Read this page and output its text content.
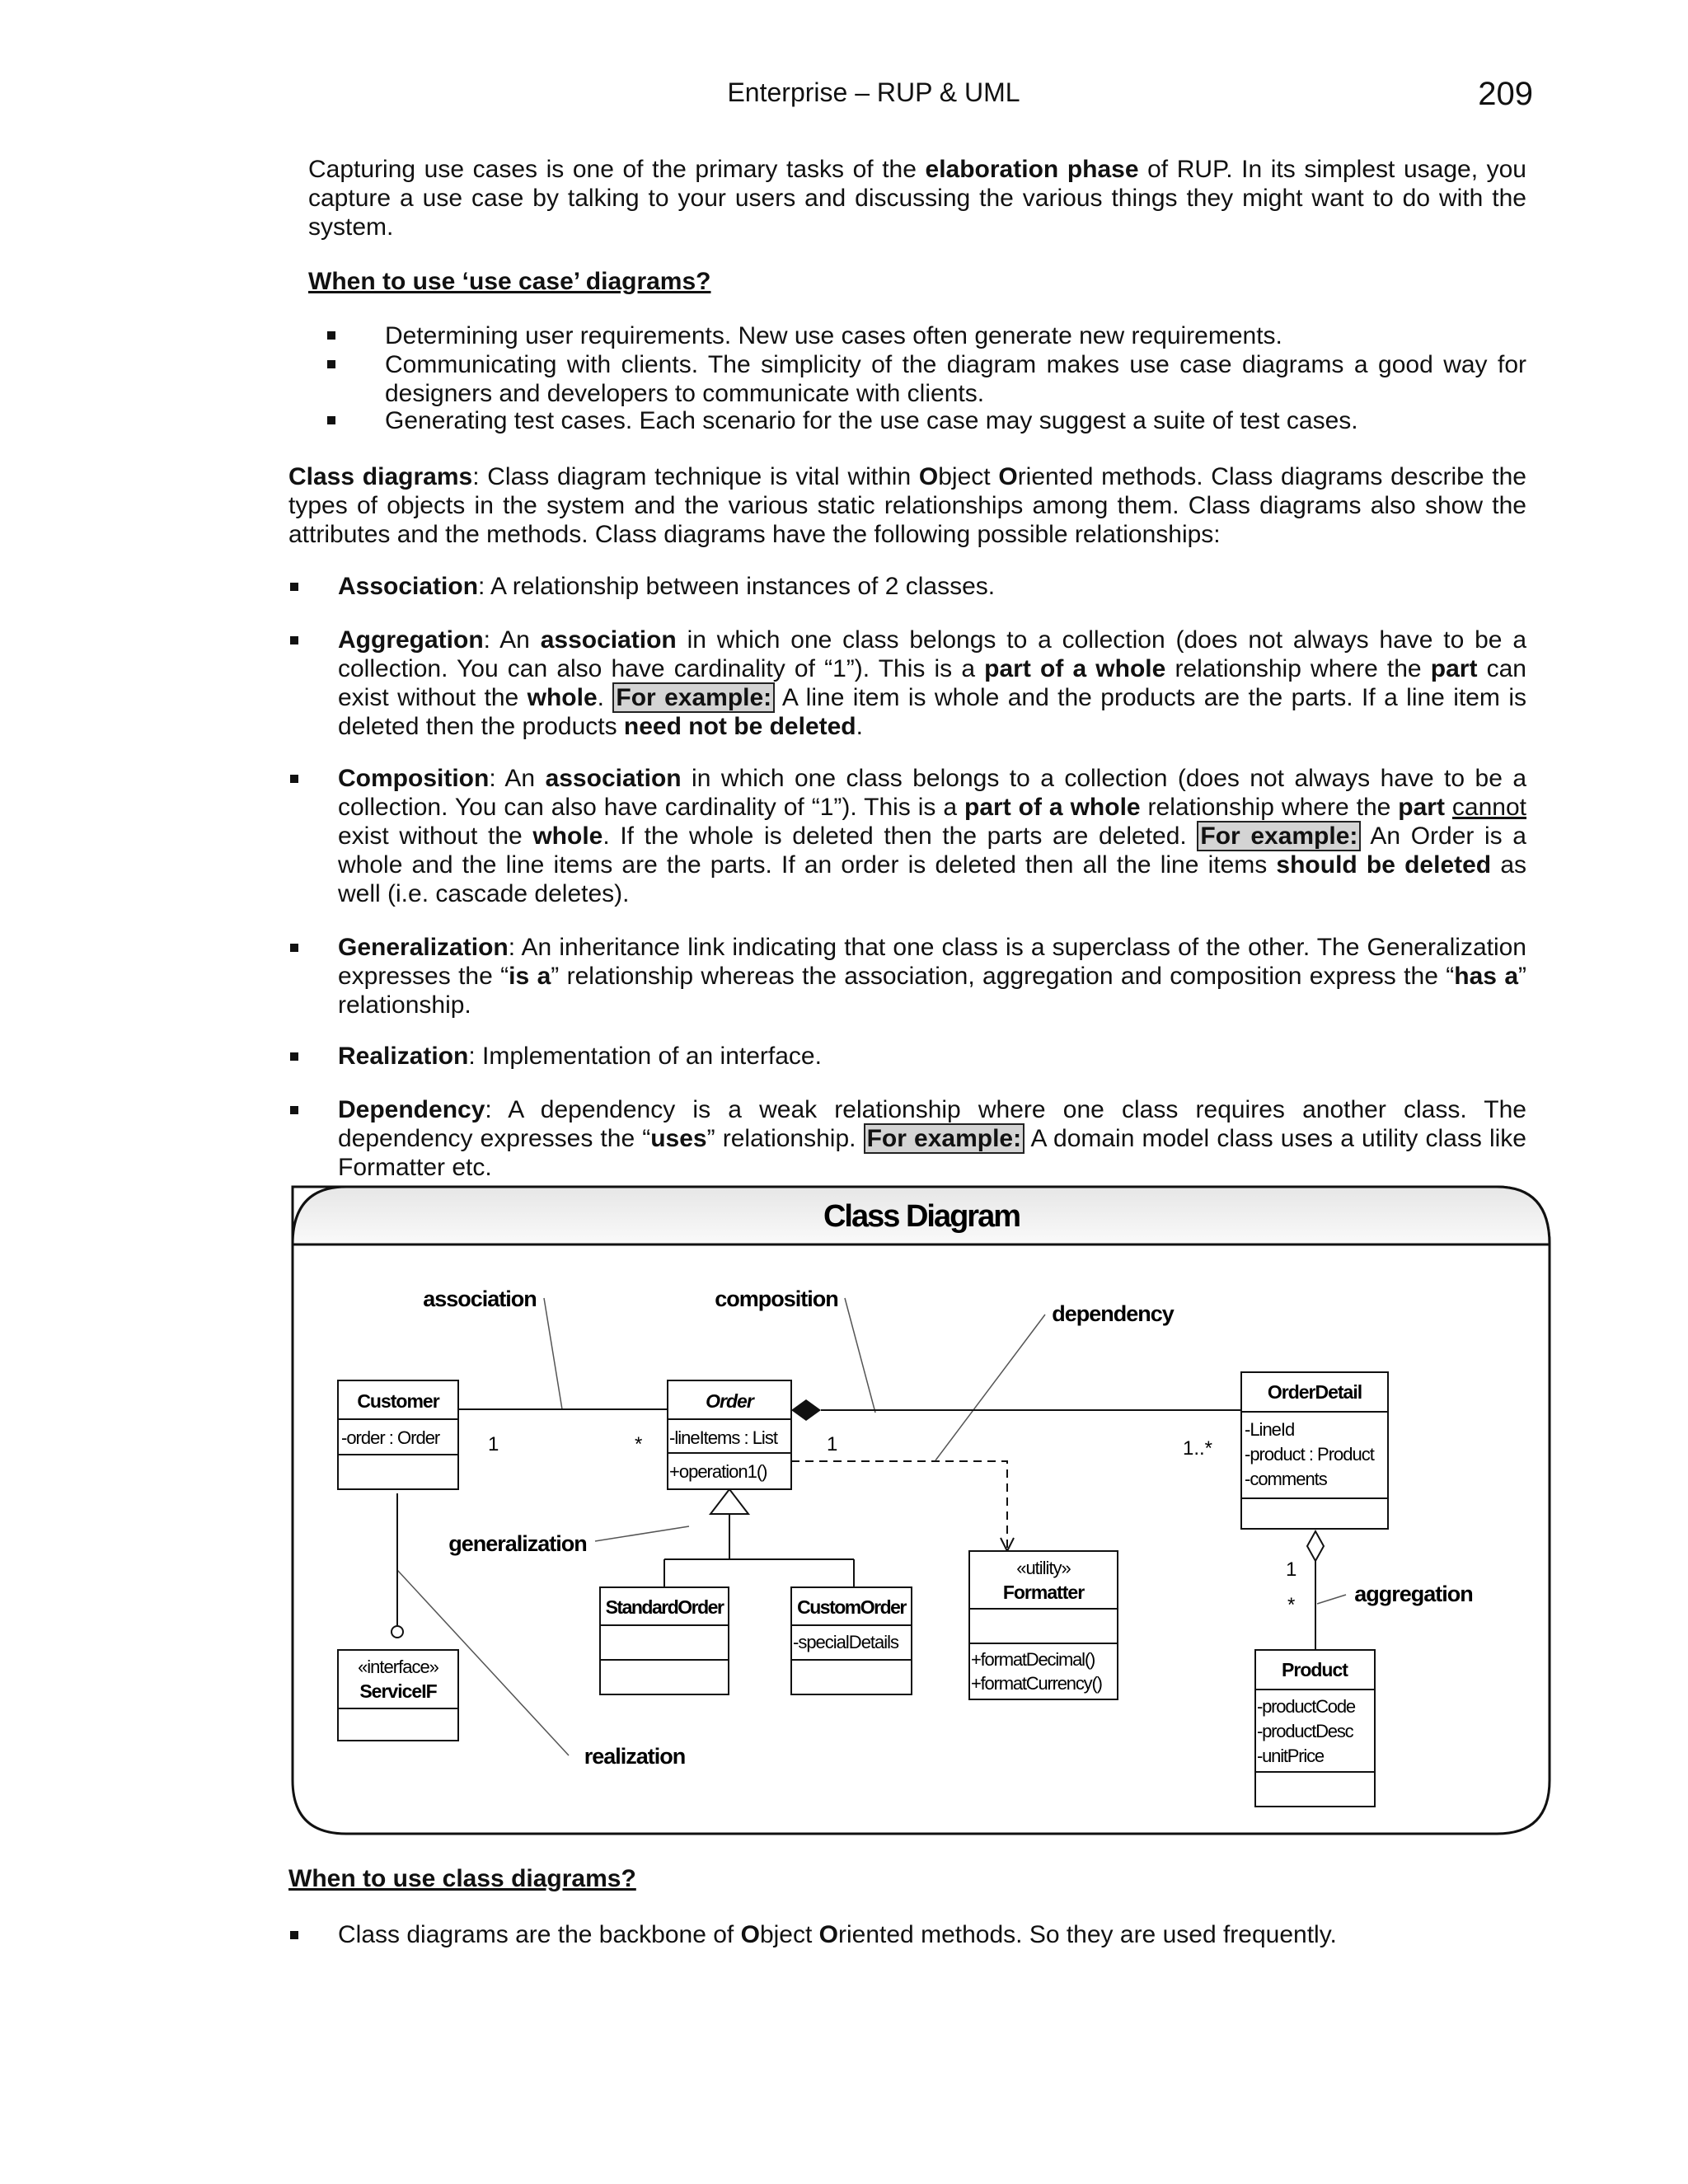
Enterprise – RUP & UML	209
Capturing use cases is one of the primary tasks of the elaboration phase of RUP. In its simplest usage, you capture a use case by talking to your users and discussing the various things they might want to do with the system.
When to use ‘use case’ diagrams?
Determining user requirements. New use cases often generate new requirements.
Communicating with clients. The simplicity of the diagram makes use case diagrams a good way for designers and developers to communicate with clients.
Generating test cases. Each scenario for the use case may suggest a suite of test cases.
Class diagrams: Class diagram technique is vital within Object Oriented methods. Class diagrams describe the types of objects in the system and the various static relationships among them. Class diagrams also show the attributes and the methods. Class diagrams have the following possible relationships:
Association: A relationship between instances of 2 classes.
Aggregation: An association in which one class belongs to a collection (does not always have to be a collection. You can also have cardinality of “1”). This is a part of a whole relationship where the part can exist without the whole. For example: A line item is whole and the products are the parts. If a line item is deleted then the products need not be deleted.
Composition: An association in which one class belongs to a collection (does not always have to be a collection. You can also have cardinality of “1”). This is a part of a whole relationship where the part cannot exist without the whole. If the whole is deleted then the parts are deleted. For example: An Order is a whole and the line items are the parts. If an order is deleted then all the line items should be deleted as well (i.e. cascade deletes).
Generalization: An inheritance link indicating that one class is a superclass of the other. The Generalization expresses the “is a” relationship whereas the association, aggregation and composition express the “has a” relationship.
Realization: Implementation of an interface.
Dependency: A dependency is a weak relationship where one class requires another class. The dependency expresses the “uses” relationship. For example: A domain model class uses a utility class like Formatter etc.
Class Diagram
association	composition
dependency
generalization
aggregation
realization
1	*	1	1..*
1
*
Customer
-order : Order
Order
-lineItems : List
+operation1()
OrderDetail
-LineId
-product : Product
-comments
«interface»
ServiceIF
StandardOrder	CustomOrder
-specialDetails
«utility»
Formatter
+formatDecimal()
+formatCurrency()
Product
-productCode
-productDesc
-unitPrice
When to use class diagrams?
Class diagrams are the backbone of Object Oriented methods. So they are used frequently.
